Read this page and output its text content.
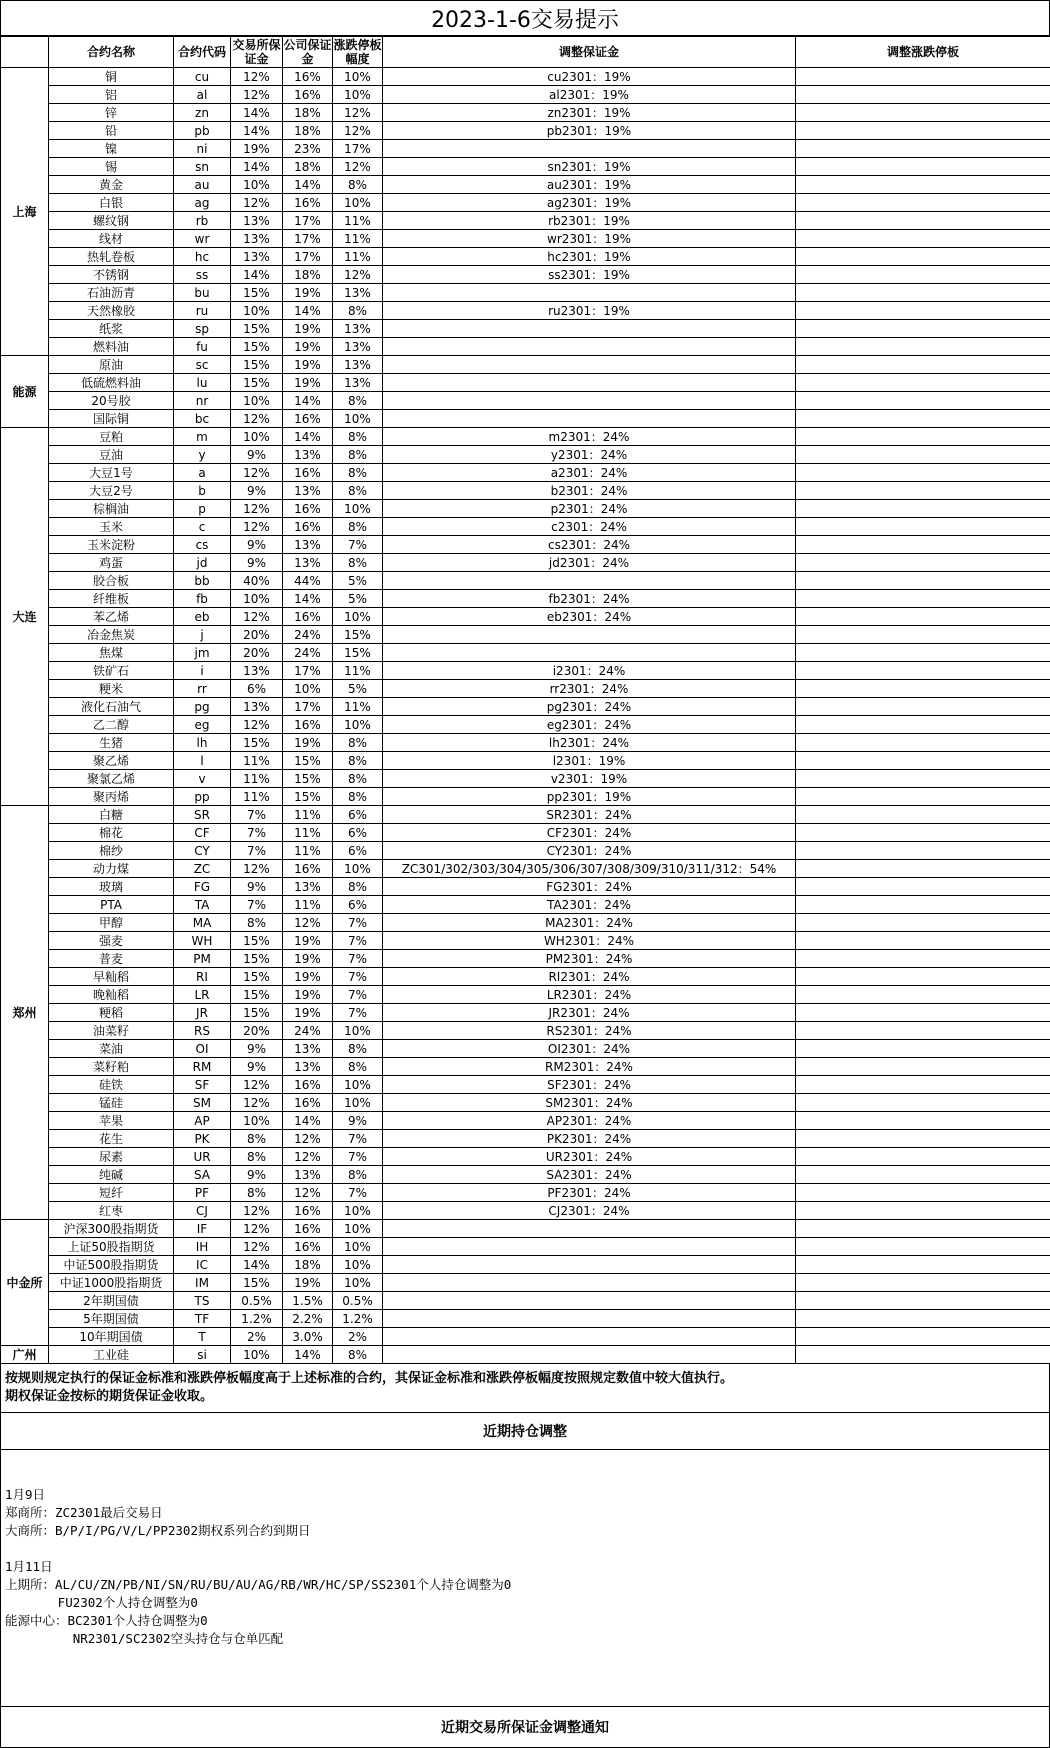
2023-1-6交易提示
	合约名称	合约代码	交易所保证金	公司保证金	涨跌停板幅度	调整保证金	调整涨跌停板
上海	铜	cu	12%	16%	10%	cu2301：19%	
	铝	al	12%	16%	10%	al2301：19%	
	锌	zn	14%	18%	12%	zn2301：19%	
	铅	pb	14%	18%	12%	pb2301：19%	
	镍	ni	19%	23%	17%		
	锡	sn	14%	18%	12%	sn2301：19%	
	黄金	au	10%	14%	8%	au2301：19%	
	白银	ag	12%	16%	10%	ag2301：19%	
	螺纹钢	rb	13%	17%	11%	rb2301：19%	
	线材	wr	13%	17%	11%	wr2301：19%	
	热轧卷板	hc	13%	17%	11%	hc2301：19%	
	不锈钢	ss	14%	18%	12%	ss2301：19%	
	石油沥青	bu	15%	19%	13%		
	天然橡胶	ru	10%	14%	8%	ru2301：19%	
	纸浆	sp	15%	19%	13%		
	燃料油	fu	15%	19%	13%		
能源	原油	sc	15%	19%	13%		
	低硫燃料油	lu	15%	19%	13%		
	20号胶	nr	10%	14%	8%		
	国际铜	bc	12%	16%	10%		
大连	豆粕	m	10%	14%	8%	m2301：24%	
	豆油	y	9%	13%	8%	y2301：24%	
	大豆1号	a	12%	16%	8%	a2301：24%	
	大豆2号	b	9%	13%	8%	b2301：24%	
	棕榈油	p	12%	16%	10%	p2301：24%	
	玉米	c	12%	16%	8%	c2301：24%	
	玉米淀粉	cs	9%	13%	7%	cs2301：24%	
	鸡蛋	jd	9%	13%	8%	jd2301：24%	
	胶合板	bb	40%	44%	5%		
	纤维板	fb	10%	14%	5%	fb2301：24%	
	苯乙烯	eb	12%	16%	10%	eb2301：24%	
	冶金焦炭	j	20%	24%	15%		
	焦煤	jm	20%	24%	15%		
	铁矿石	i	13%	17%	11%	i2301：24%	
	粳米	rr	6%	10%	5%	rr2301：24%	
	液化石油气	pg	13%	17%	11%	pg2301：24%	
	乙二醇	eg	12%	16%	10%	eg2301：24%	
	生猪	lh	15%	19%	8%	lh2301：24%	
	聚乙烯	l	11%	15%	8%	l2301：19%	
	聚氯乙烯	v	11%	15%	8%	v2301：19%	
	聚丙烯	pp	11%	15%	8%	pp2301：19%	
郑州	白糖	SR	7%	11%	6%	SR2301：24%	
	棉花	CF	7%	11%	6%	CF2301：24%	
	棉纱	CY	7%	11%	6%	CY2301：24%	
	动力煤	ZC	12%	16%	10%	ZC301/302/303/304/305/306/307/308/309/310/311/312：54%	
	玻璃	FG	9%	13%	8%	FG2301：24%	
	PTA	TA	7%	11%	6%	TA2301：24%	
	甲醇	MA	8%	12%	7%	MA2301：24%	
	强麦	WH	15%	19%	7%	WH2301：24%	
	普麦	PM	15%	19%	7%	PM2301：24%	
	早籼稻	RI	15%	19%	7%	RI2301：24%	
	晚籼稻	LR	15%	19%	7%	LR2301：24%	
	粳稻	JR	15%	19%	7%	JR2301：24%	
	油菜籽	RS	20%	24%	10%	RS2301：24%	
	菜油	OI	9%	13%	8%	OI2301：24%	
	菜籽粕	RM	9%	13%	8%	RM2301：24%	
	硅铁	SF	12%	16%	10%	SF2301：24%	
	锰硅	SM	12%	16%	10%	SM2301：24%	
	苹果	AP	10%	14%	9%	AP2301：24%	
	花生	PK	8%	12%	7%	PK2301：24%	
	尿素	UR	8%	12%	7%	UR2301：24%	
	纯碱	SA	9%	13%	8%	SA2301：24%	
	短纤	PF	8%	12%	7%	PF2301：24%	
	红枣	CJ	12%	16%	10%	CJ2301：24%	
中金所	沪深300股指期货	IF	12%	16%	10%		
	上证50股指期货	IH	12%	16%	10%		
	中证500股指期货	IC	14%	18%	10%		
	中证1000股指期货	IM	15%	19%	10%		
	2年期国债	TS	0.5%	1.5%	0.5%		
	5年期国债	TF	1.2%	2.2%	1.2%		
	10年期国债	T	2%	3.0%	2%		
广州	工业硅	si	10%	14%	8%		
按规则规定执行的保证金标准和涨跌停板幅度高于上述标准的合约，其保证金标准和涨跌停板幅度按照规定数值中较大值执行。
期权保证金按标的期货保证金收取。
近期持仓调整
1月9日
郑商所：ZC2301最后交易日
大商所：B/P/I/PG/V/L/PP2302期权系列合约到期日
1月11日
上期所：AL/CU/ZN/PB/NI/SN/RU/BU/AU/AG/RB/WR/HC/SP/SS2301个人持仓调整为0
FU2302个人持仓调整为0
能源中心：BC2301个人持仓调整为0
NR2301/SC2302空头持仓与仓单匹配
近期交易所保证金调整通知
